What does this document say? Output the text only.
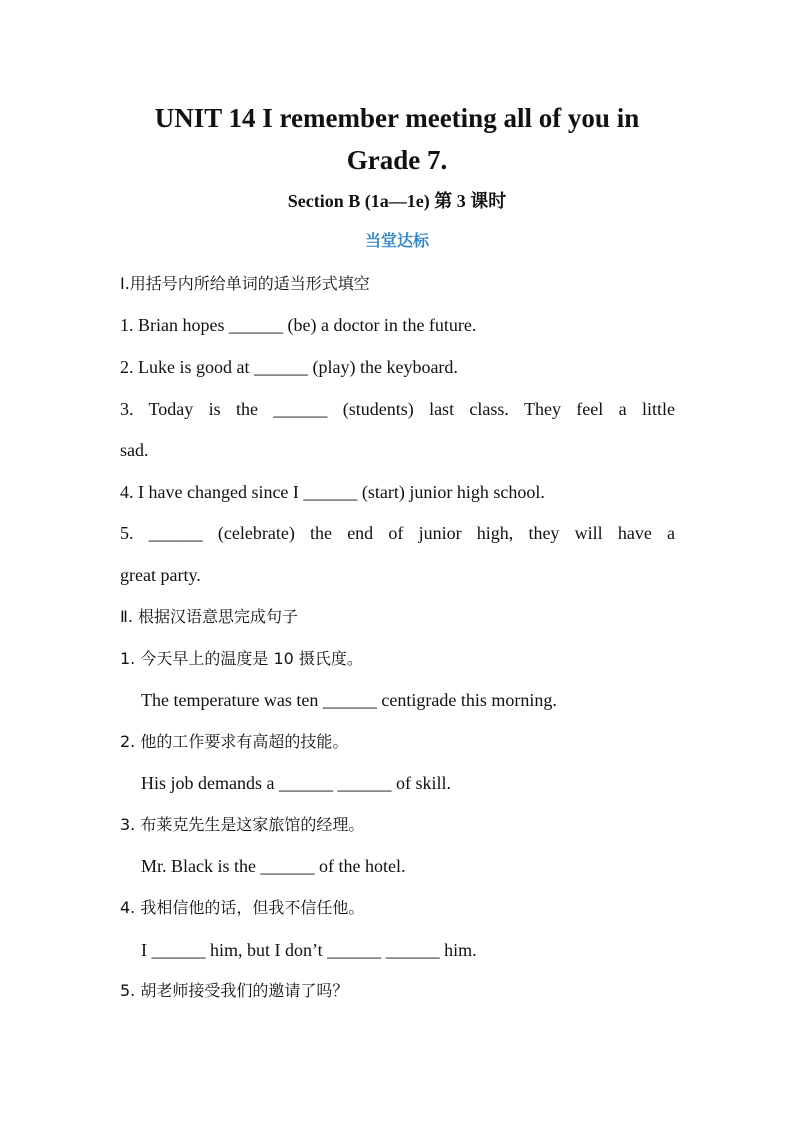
UNIT 14 I remember meeting all of you in
Grade 7.
Section B (1a—1e) 第 3 课时
当堂达标
Ⅰ.用括号内所给单词的适当形式填空
1. Brian hopes ______ (be) a doctor in the future.
2. Luke is good at ______ (play) the keyboard.
3. Today is the ______ (students) last class. They feel a little
sad.
4. I have changed since I ______ (start) junior high school.
5. ______ (celebrate) the end of junior high, they will have a
great party.
Ⅱ. 根据汉语意思完成句子
1. 今天早上的温度是 10 摄氏度。
The temperature was ten ______ centigrade this morning.
2. 他的工作要求有高超的技能。
His job demands a ______ ______ of skill.
3. 布莱克先生是这家旅馆的经理。
Mr. Black is the ______ of the hotel.
4. 我相信他的话，但我不信任他。
I ______ him, but I don’t ______ ______ him.
5. 胡老师接受我们的邀请了吗？
